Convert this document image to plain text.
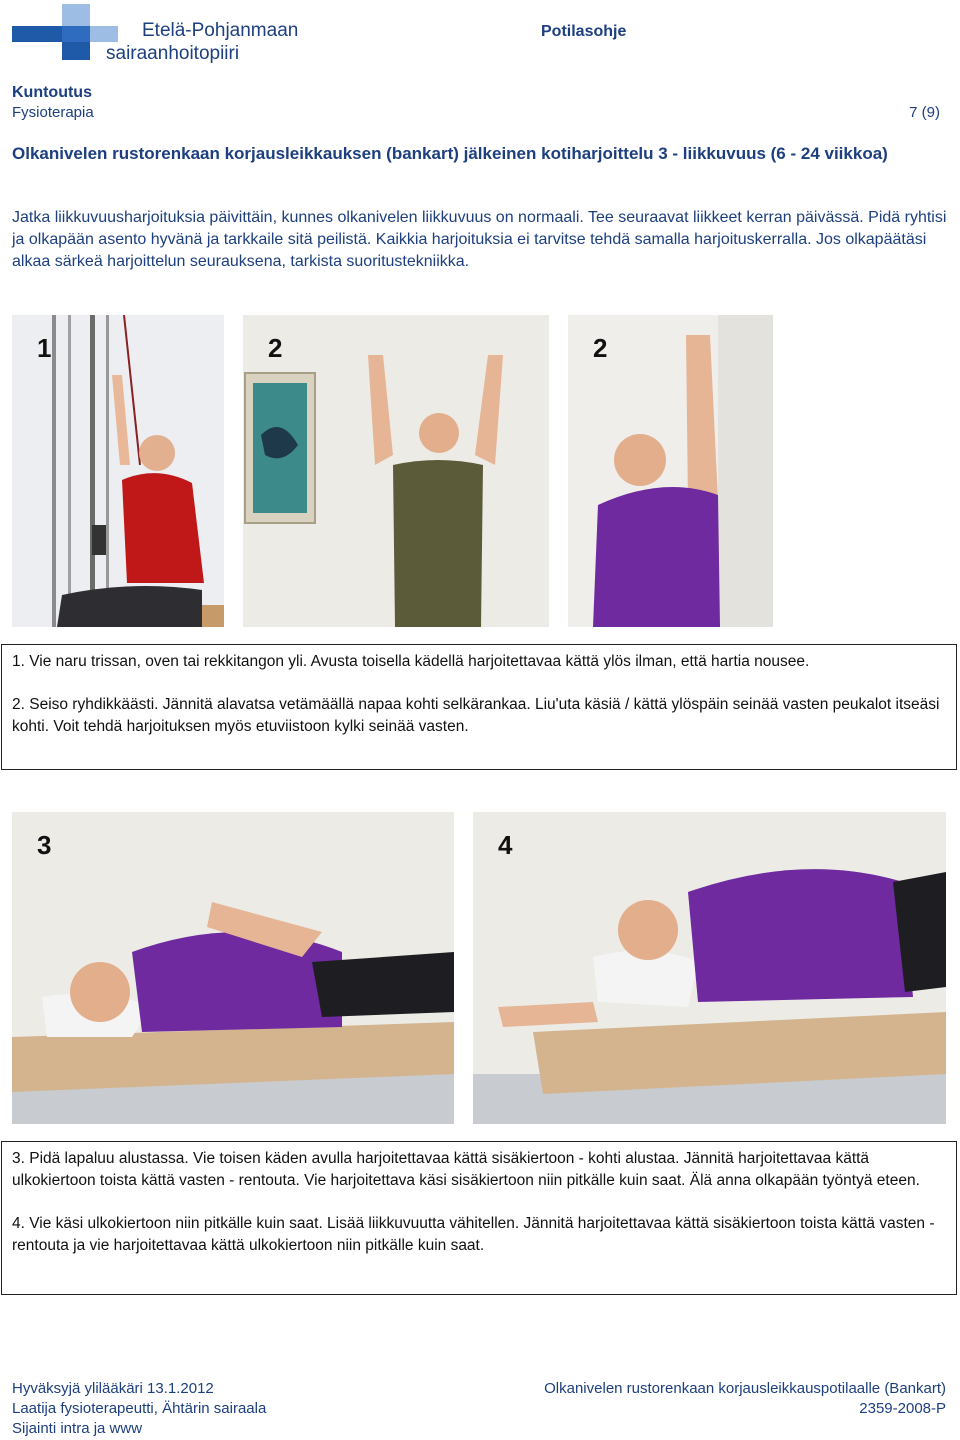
Etelä-Pohjanmaan
sairaanhoitopiiri
Potilasohje
Kuntoutus
Fysioterapia	7 (9)
Olkanivelen rustorenkaan korjausleikkauksen (bankart) jälkeinen kotiharjoittelu 3 - liikkuvuus (6 - 24 viikkoa)
Jatka liikkuvuusharjoituksia päivittäin, kunnes olkanivelen liikkuvuus on normaali. Tee seuraavat liikkeet kerran päivässä. Pidä ryhtisi ja olkapään asento hyvänä ja tarkkaile sitä peilistä. Kaikkia harjoituksia ei tarvitse tehdä samalla harjoituskerralla. Jos olkapäätäsi alkaa särkeä harjoittelun seurauksena, tarkista suoritustekniikka.
1	2	2

1. Vie naru trissan, oven tai rekkitangon yli. Avusta toisella kädellä harjoitettavaa kättä ylös ilman, että hartia nousee.

2. Seiso ryhdikkäästi. Jännitä alavatsa vetämäällä napaa kohti selkärankaa. Liu'uta käsiä / kättä ylöspäin seinää vasten peukalot itseäsi kohti. Voit tehdä harjoituksen myös etuviistoon kylki seinää vasten.

3	4

3. Pidä lapaluu alustassa. Vie toisen käden avulla harjoitettavaa kättä sisäkiertoon - kohti alustaa. Jännitä harjoitettavaa kättä ulkokiertoon toista kättä vasten - rentouta. Vie harjoitettava käsi sisäkiertoon niin pitkälle kuin saat. Älä anna olkapään työntyä eteen.

4. Vie käsi ulkokiertoon niin pitkälle kuin saat. Lisää liikkuvuutta vähitellen. Jännitä harjoitettavaa kättä sisäkiertoon toista kättä vasten - rentouta ja vie harjoitettavaa kättä ulkokiertoon niin pitkälle kuin saat.

Hyväksyjä ylilääkäri 13.1.2012
Laatija fysioterapeutti, Ähtärin sairaala
Sijainti intra ja www
Olkanivelen rustorenkaan korjausleikkauspotilaalle (Bankart)
2359-2008-P
